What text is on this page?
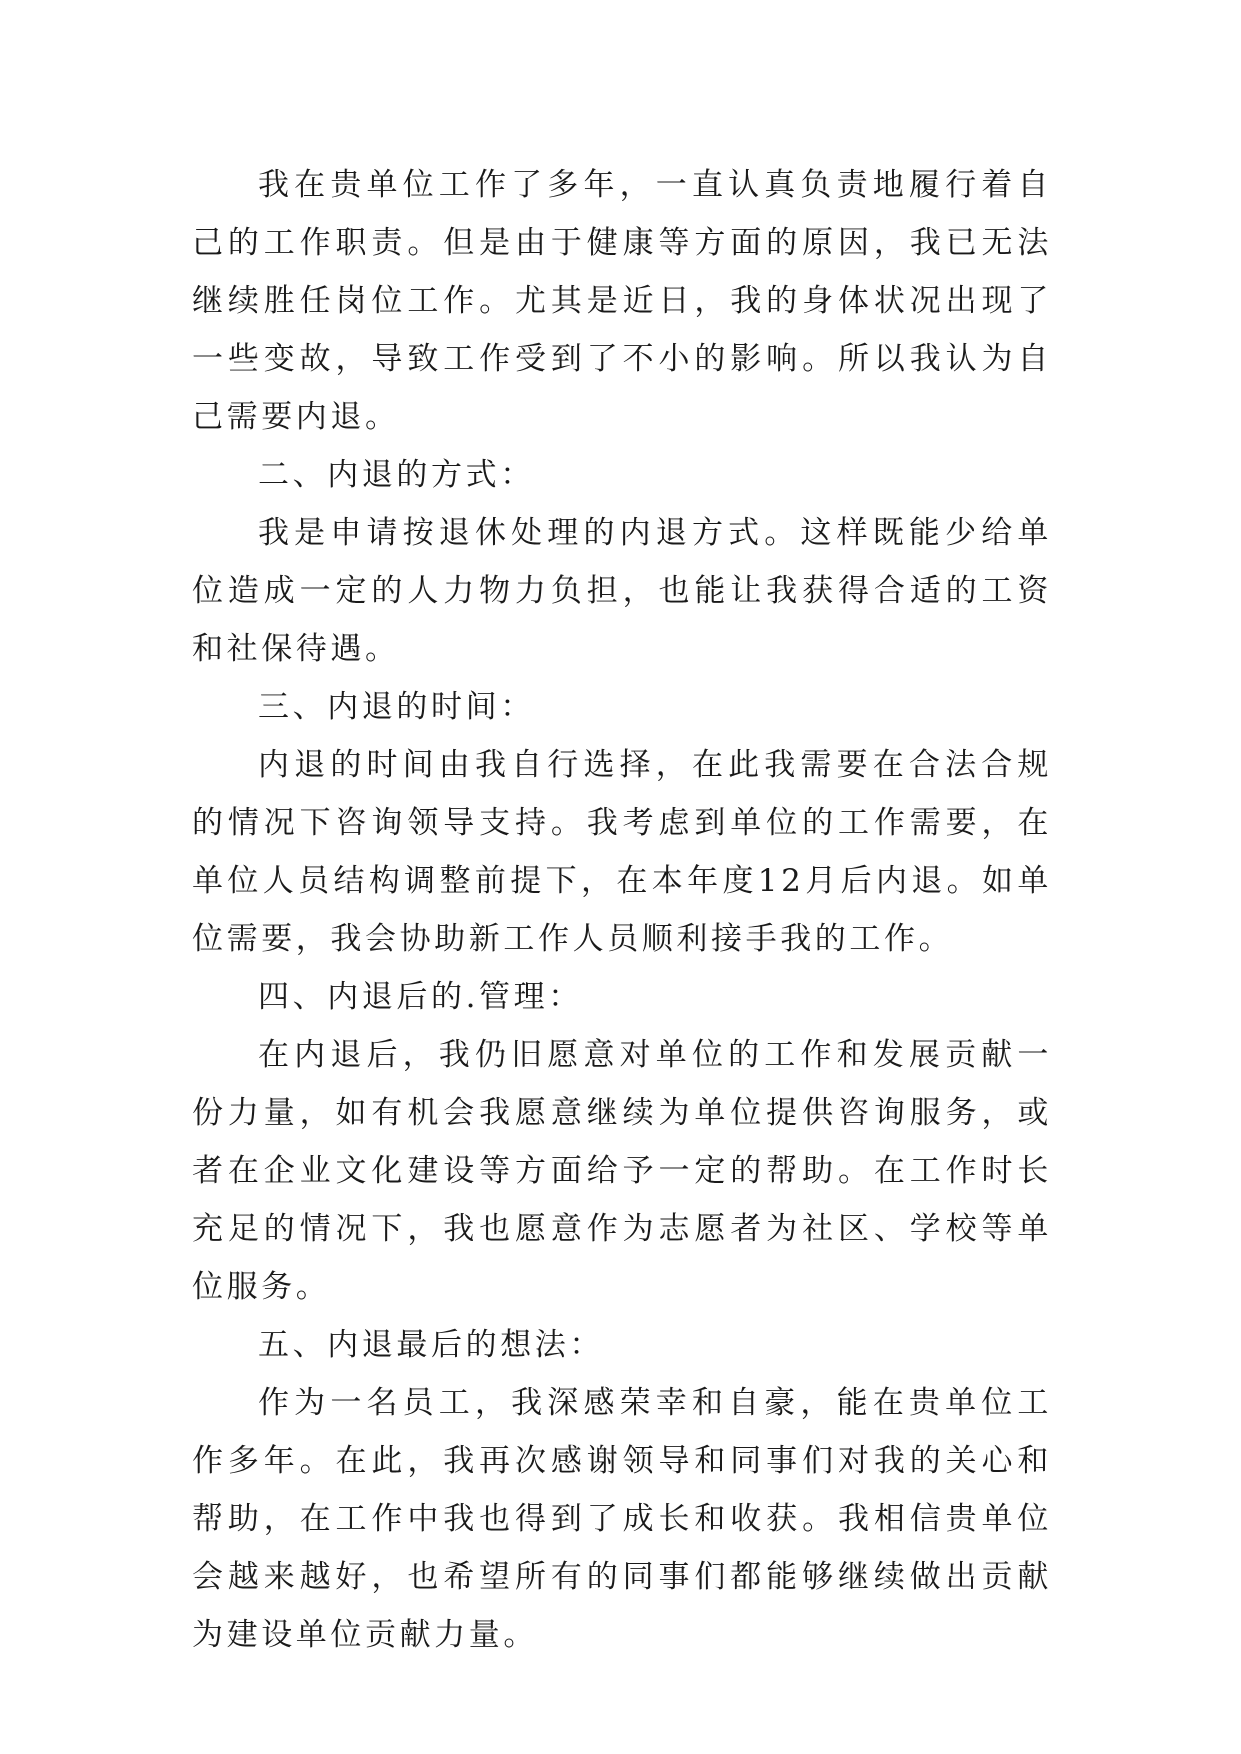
我在贵单位工作了多年，一直认真负责地履行着自己的工作职责。但是由于健康等方面的原因，我已无法继续胜任岗位工作。尤其是近日，我的身体状况出现了一些变故，导致工作受到了不小的影响。所以我认为自己需要内退。

二、内退的方式：

我是申请按退休处理的内退方式。这样既能少给单位造成一定的人力物力负担，也能让我获得合适的工资和社保待遇。

三、内退的时间：

内退的时间由我自行选择，在此我需要在合法合规的情况下咨询领导支持。我考虑到单位的工作需要，在单位人员结构调整前提下，在本年度12月后内退。如单位需要，我会协助新工作人员顺利接手我的工作。

四、内退后的.管理：

在内退后，我仍旧愿意对单位的工作和发展贡献一份力量，如有机会我愿意继续为单位提供咨询服务，或者在企业文化建设等方面给予一定的帮助。在工作时长充足的情况下，我也愿意作为志愿者为社区、学校等单位服务。

五、内退最后的想法：

作为一名员工，我深感荣幸和自豪，能在贵单位工作多年。在此，我再次感谢领导和同事们对我的关心和帮助，在工作中我也得到了成长和收获。我相信贵单位会越来越好，也希望所有的同事们都能够继续做出贡献为建设单位贡献力量。
